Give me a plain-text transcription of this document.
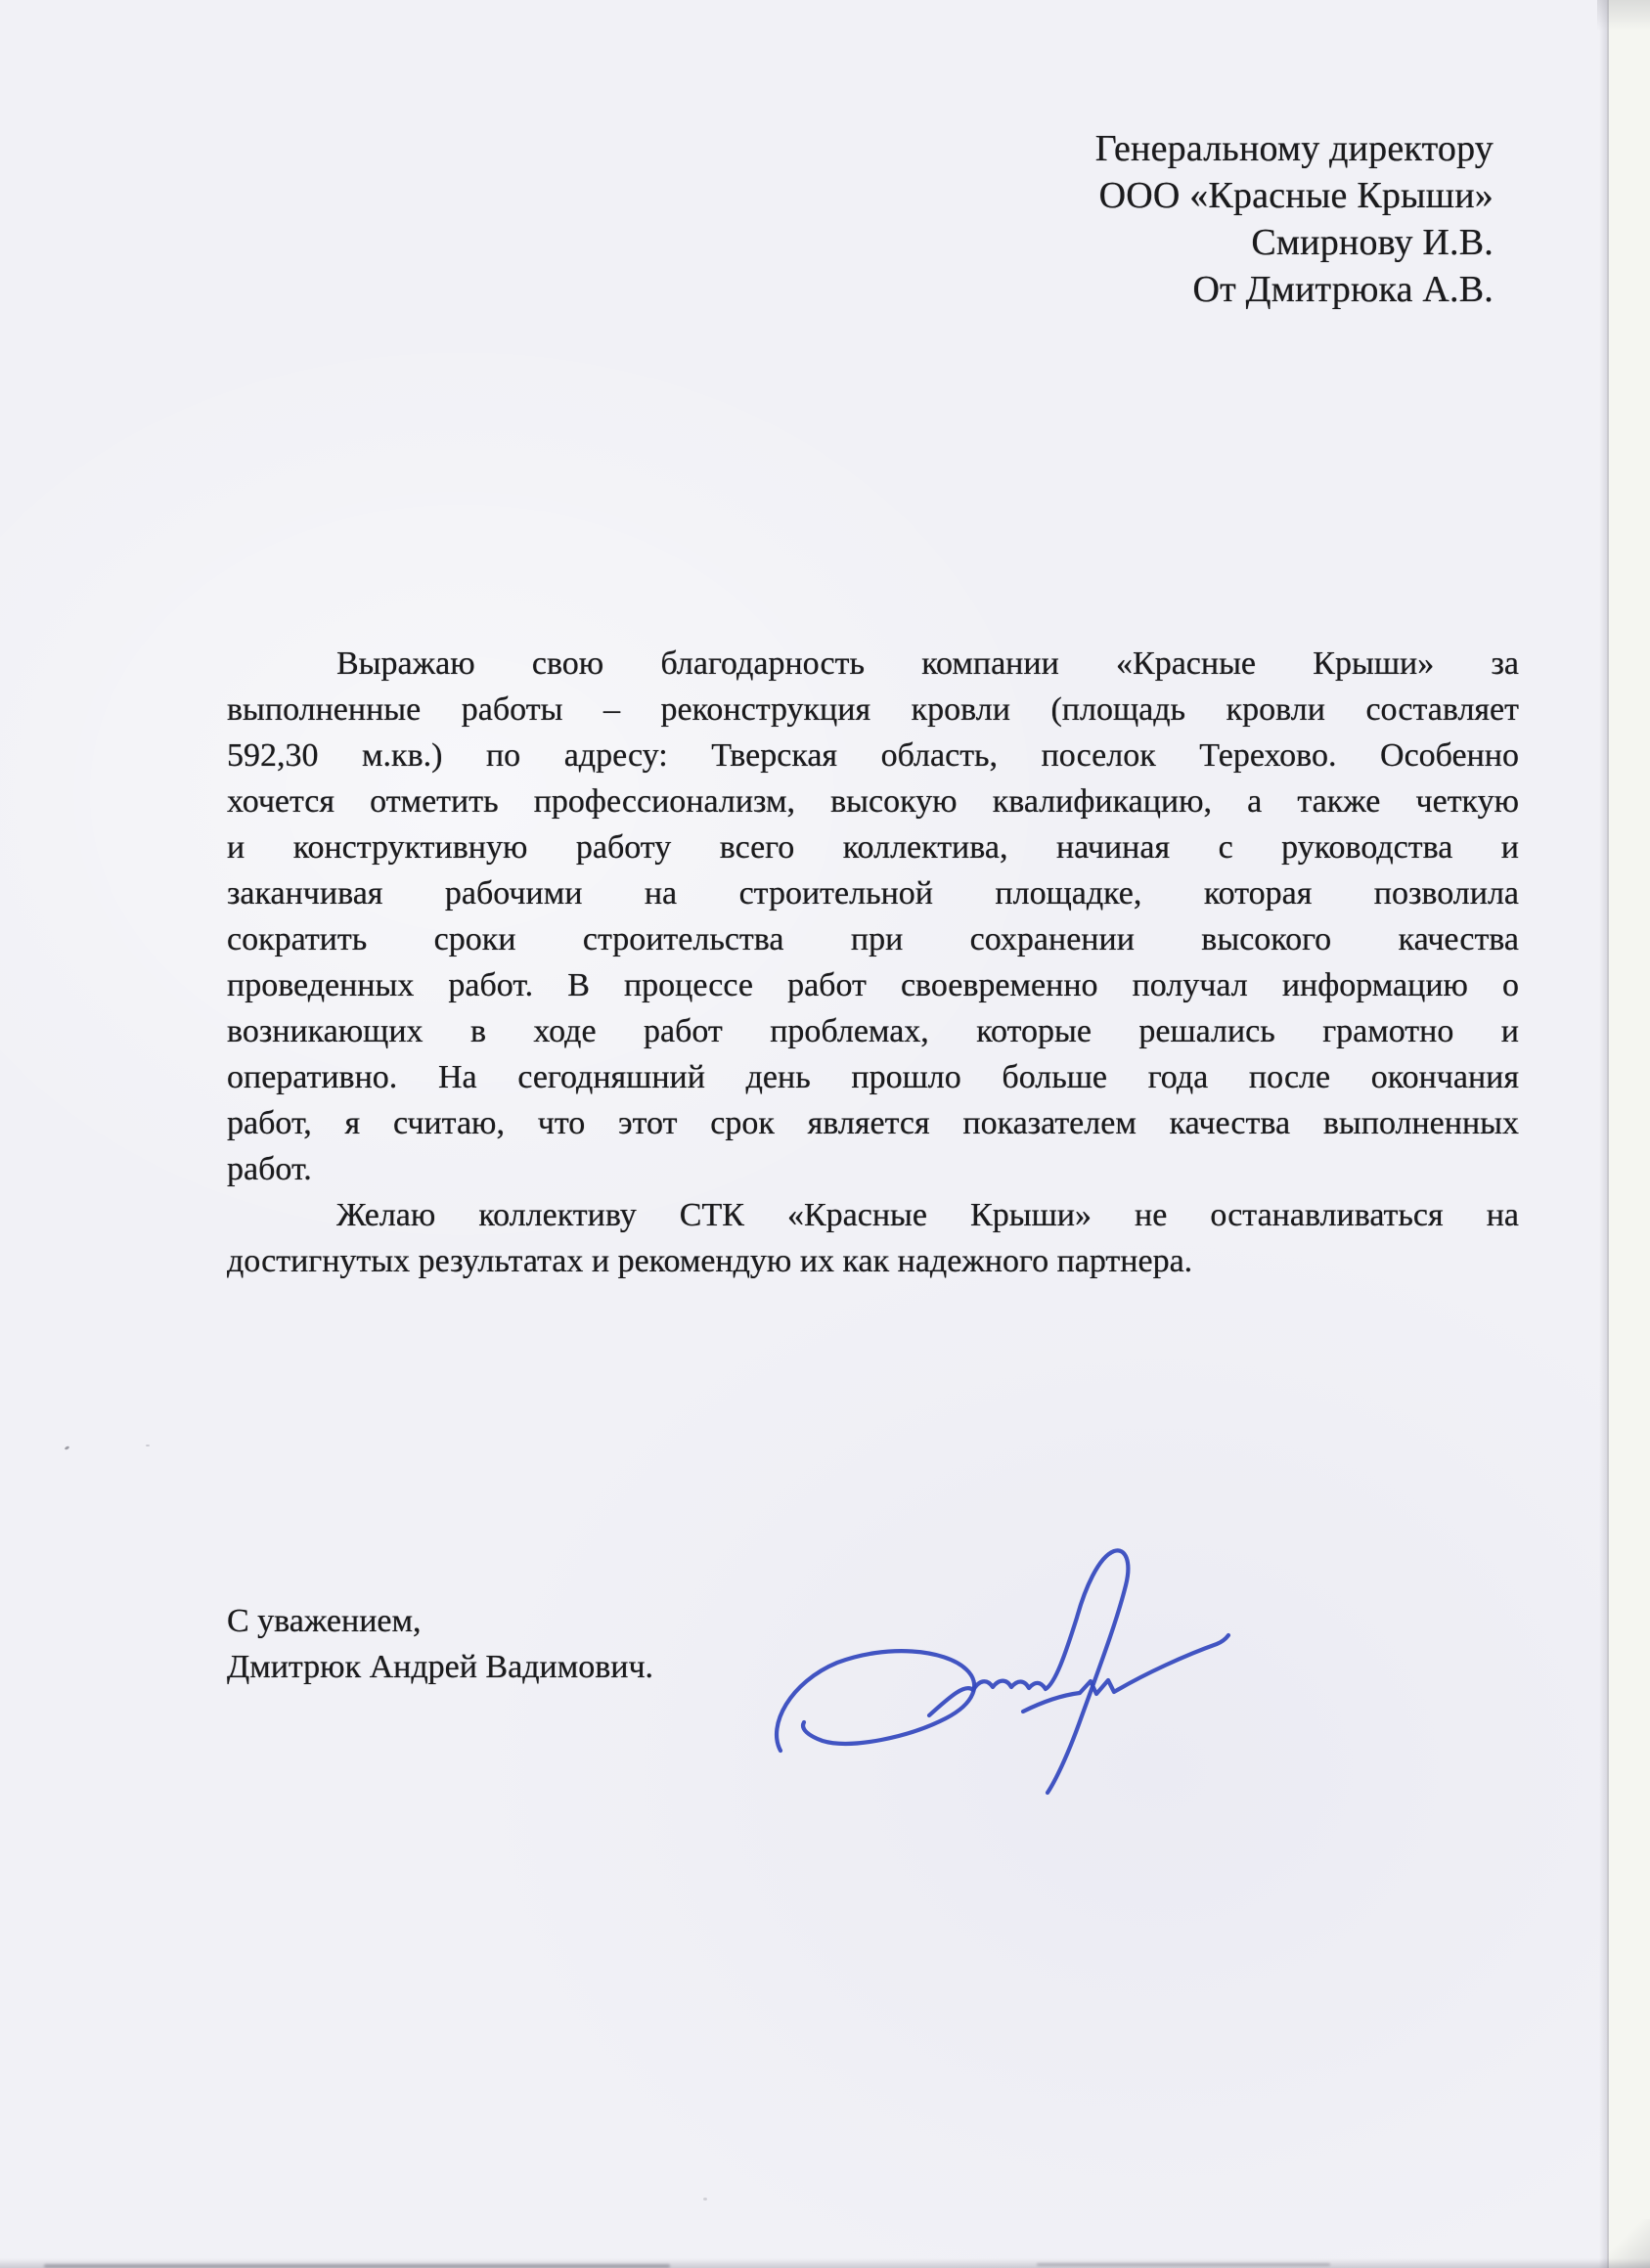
Генеральному директору
ООО «Красные Крыши»
Смирнову И.В.
От Дмитрюка А.В.
Выражаю свою благодарность компании «Красные Крыши» за
выполненные работы – реконструкция кровли (площадь кровли составляет
592,30 м.кв.) по адресу: Тверская область, поселок Терехово. Особенно
хочется отметить профессионализм, высокую квалификацию, а также четкую
и конструктивную работу всего коллектива, начиная с руководства и
заканчивая рабочими на строительной площадке, которая позволила
сократить сроки строительства при сохранении высокого качества
проведенных работ. В процессе работ своевременно получал информацию о
возникающих в ходе работ проблемах, которые решались грамотно и
оперативно. На сегодняшний день прошло больше года после окончания
работ, я считаю, что этот срок является показателем качества выполненных
работ.
Желаю коллективу СТК «Красные Крыши» не останавливаться на
достигнутых результатах и рекомендую их как надежного партнера.
С уважением,
Дмитрюк Андрей Вадимович.
